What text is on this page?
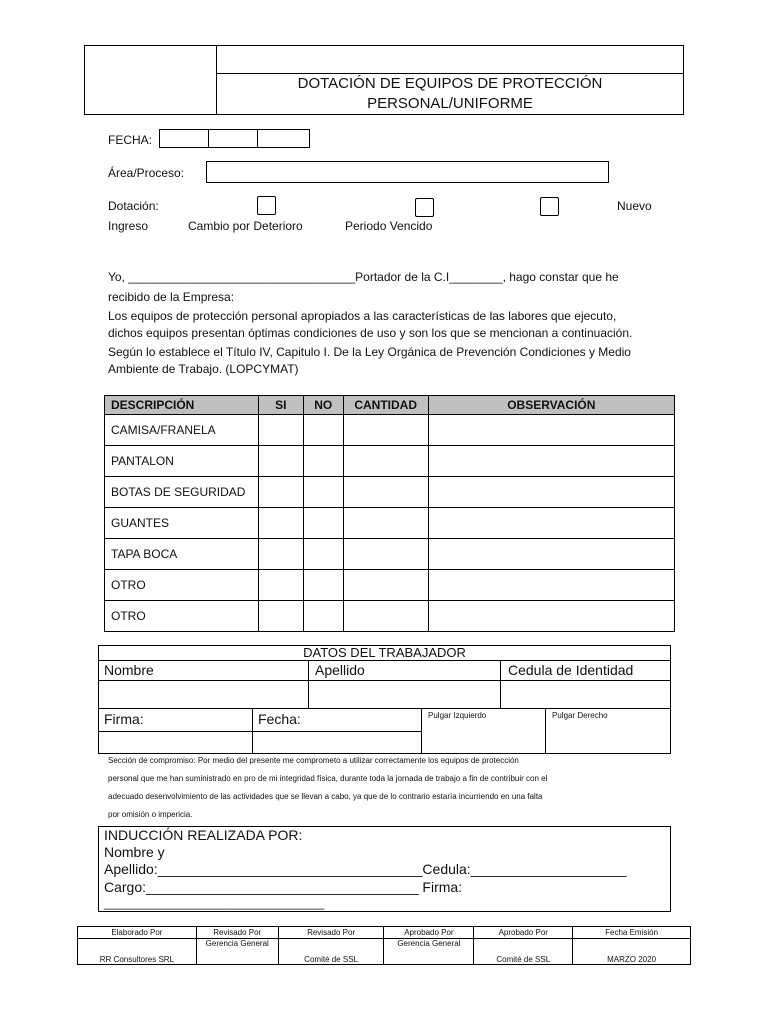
DOTACIÓN DE EQUIPOS DE PROTECCIÓN
PERSONAL/UNIFORME
FECHA:
Área/Proceso:
Dotación:	Nuevo
Ingreso	Cambio por Deterioro	Periodo Vencido
Yo, __________________________________Portador de la C.I________, hago constar que he
recibido de la Empresa:
Los equipos de protección personal apropiados a las características de las labores que ejecuto,
dichos equipos presentan óptimas condiciones de uso y son los que se mencionan a continuación.
Según lo establece el Título IV, Capitulo I. De la Ley Orgánica de Prevención Condiciones y Medio
Ambiente de Trabajo. (LOPCYMAT)
DESCRIPCIÓN	SI	NO	CANTIDAD	OBSERVACIÓN
CAMISA/FRANELA				
PANTALON				
BOTAS DE SEGURIDAD				
GUANTES				
TAPA BOCA				
OTRO				
OTRO				
DATOS DEL TRABAJADOR
Nombre	Apellido	Cedula de Identidad
Firma:	Fecha:	Pulgar Izquierdo	Pulgar Derecho
Sección de compromiso: Por medio del presente me comprometo a utilizar correctamente los equipos de protección
personal que me han suministrado en pro de mi integridad física, durante toda la jornada de trabajo a fin de contribuir con el
adecuado desenvolvimiento de las actividades que se llevan a cabo, ya que de lo contrario estaría incurriendo en una falta
por omisión o impericia.
INDUCCIÓN REALIZADA POR:
Nombre y
Apellido:__________________________________Cedula:____________________
Cargo:___________________________________ Firma:
_________________________________
Elaborado Por	Revisado Por	Revisado Por	Aprobado Por	Aprobado Por	Fecha Emisión
RR Consultores SRL	Gerencia General	Comité de SSL	Gerencia General	Comité de SSL	MARZO 2020
